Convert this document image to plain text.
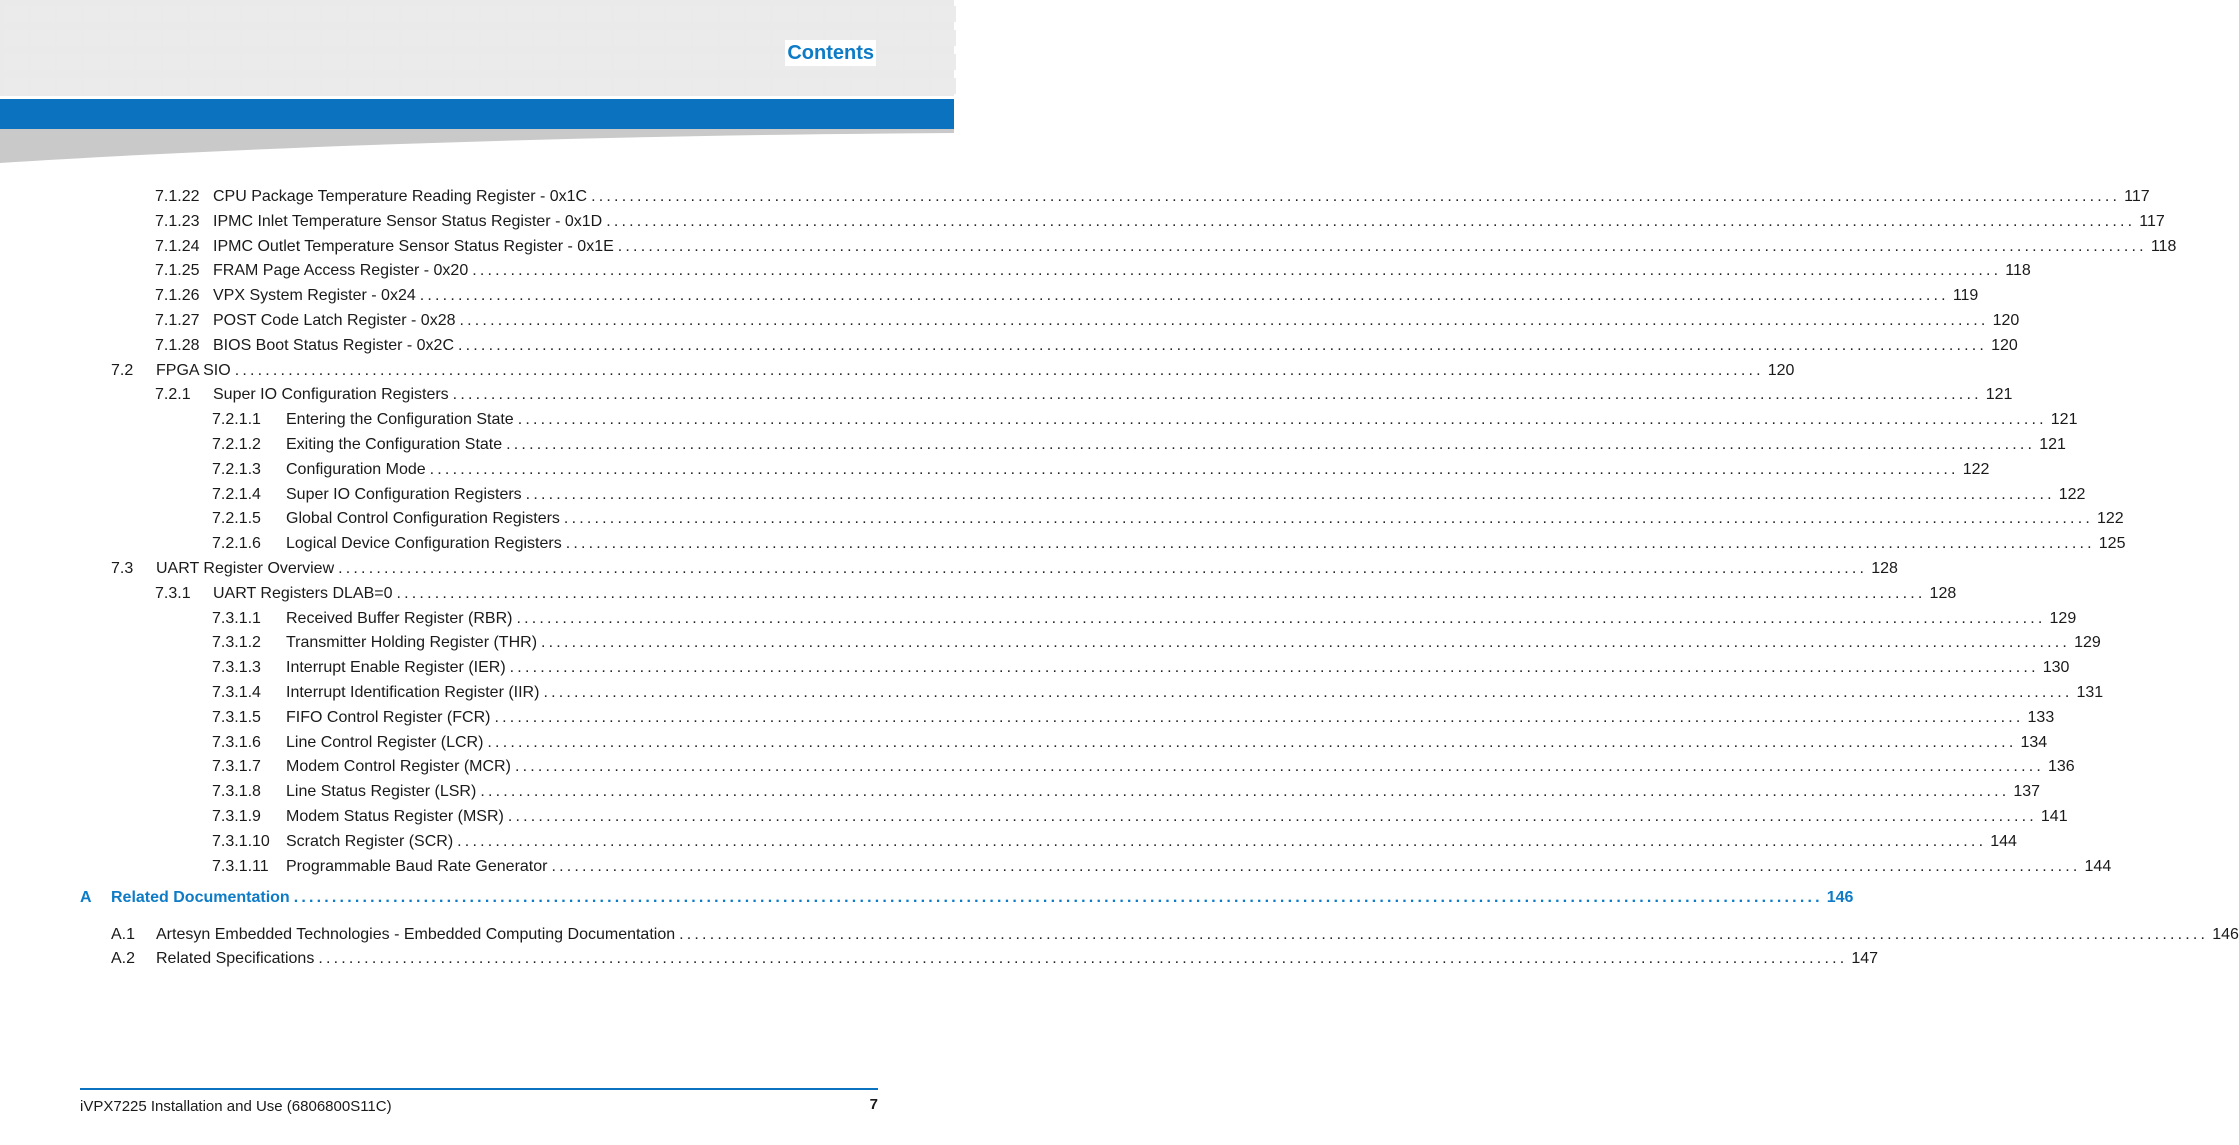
Contents
7.1.22 CPU Package Temperature Reading Register - 0x1C ........................................................................................................................................................................................................ 117
7.1.23 IPMC Inlet Temperature Sensor Status Register - 0x1D ........................................................................................................................................................................................................ 117
7.1.24 IPMC Outlet Temperature Sensor Status Register - 0x1E ........................................................................................................................................................................................................ 118
7.1.25 FRAM Page Access Register - 0x20 ........................................................................................................................................................................................................ 118
7.1.26 VPX System Register - 0x24 ........................................................................................................................................................................................................ 119
7.1.27 POST Code Latch Register - 0x28 ........................................................................................................................................................................................................ 120
7.1.28 BIOS Boot Status Register - 0x2C ........................................................................................................................................................................................................ 120
7.2	FPGA SIO ........................................................................................................................................................................................................ 120
7.2.1	Super IO Configuration Registers ........................................................................................................................................................................................................ 121
7.2.1.1	Entering the Configuration State ........................................................................................................................................................................................................ 121
7.2.1.2	Exiting the Configuration State ........................................................................................................................................................................................................ 121
7.2.1.3	Configuration Mode ........................................................................................................................................................................................................ 122
7.2.1.4	Super IO Configuration Registers ........................................................................................................................................................................................................ 122
7.2.1.5	Global Control Configuration Registers ........................................................................................................................................................................................................ 122
7.2.1.6	Logical Device Configuration Registers ........................................................................................................................................................................................................ 125
7.3	UART Register Overview ........................................................................................................................................................................................................ 128
7.3.1	UART Registers DLAB=0 ........................................................................................................................................................................................................ 128
7.3.1.1	Received Buffer Register (RBR) ........................................................................................................................................................................................................ 129
7.3.1.2	Transmitter Holding Register (THR) ........................................................................................................................................................................................................ 129
7.3.1.3	Interrupt Enable Register (IER) ........................................................................................................................................................................................................ 130
7.3.1.4	Interrupt Identification Register (IIR) ........................................................................................................................................................................................................ 131
7.3.1.5	FIFO Control Register (FCR) ........................................................................................................................................................................................................ 133
7.3.1.6	Line Control Register (LCR) ........................................................................................................................................................................................................ 134
7.3.1.7	Modem Control Register (MCR) ........................................................................................................................................................................................................ 136
7.3.1.8	Line Status Register (LSR) ........................................................................................................................................................................................................ 137
7.3.1.9	Modem Status Register (MSR) ........................................................................................................................................................................................................ 141
7.3.1.10	Scratch Register (SCR) ........................................................................................................................................................................................................ 144
7.3.1.11	Programmable Baud Rate Generator ........................................................................................................................................................................................................ 144
A	Related Documentation ........................................................................................................................................................................................................ 146
A.1	Artesyn Embedded Technologies - Embedded Computing Documentation ........................................................................................................................................................................................................ 146
A.2	Related Specifications ........................................................................................................................................................................................................ 147
iVPX7225 Installation and Use (6806800S11C)	7
